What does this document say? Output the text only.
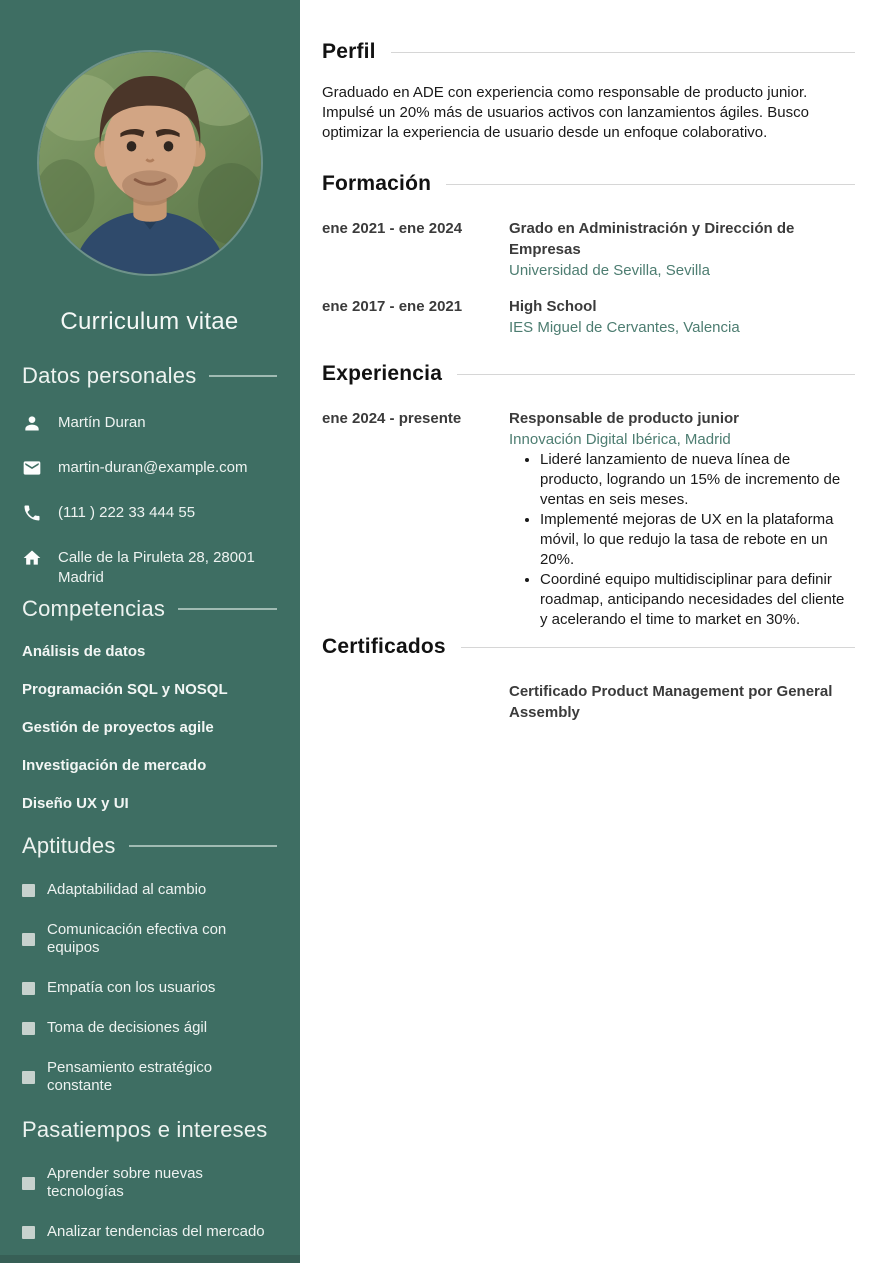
Curriculum vitae
Datos personales
Martín Duran
martin-duran@example.com
(111 ) 222 33 444 55
Calle de la Piruleta 28, 28001 Madrid
Competencias
Análisis de datos
Programación SQL y NOSQL
Gestión de proyectos agile
Investigación de mercado
Diseño UX y UI
Aptitudes
Adaptabilidad al cambio
Comunicación efectiva con equipos
Empatía con los usuarios
Toma de decisiones ágil
Pensamiento estratégico constante
Pasatiempos e intereses
Aprender sobre nuevas tecnologías
Analizar tendencias del mercado
Perfil

Graduado en ADE con experiencia como responsable de producto junior. Impulsé un 20% más de usuarios activos con lanzamientos ágiles. Busco optimizar la experiencia de usuario desde un enfoque colaborativo.

Formación
ene 2021 - ene 2024	Grado en Administración y Dirección de Empresas
Universidad de Sevilla, Sevilla
ene 2017 - ene 2021	High School
IES Miguel de Cervantes, Valencia
Experiencia
ene 2024 - presente	Responsable de producto junior
Innovación Digital Ibérica, Madrid
• Lideré lanzamiento de nueva línea de producto, logrando un 15% de incremento de ventas en seis meses.
• Implementé mejoras de UX en la plataforma móvil, lo que redujo la tasa de rebote en un 20%.
• Coordiné equipo multidisciplinar para definir roadmap, anticipando necesidades del cliente y acelerando el time to market en 30%.
Certificados
Certificado Product Management por General Assembly
